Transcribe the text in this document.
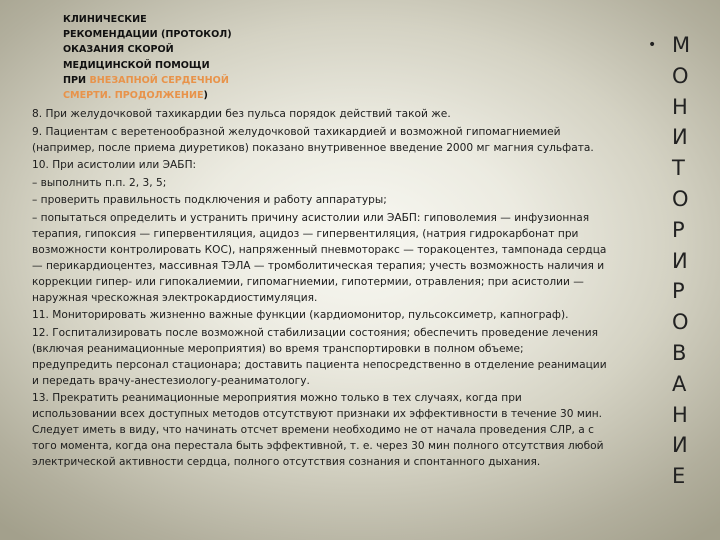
КЛИНИЧЕСКИЕ
РЕКОМЕНДАЦИИ (ПРОТОКОЛ)
ОКАЗАНИЯ СКОРОЙ
МЕДИЦИНСКОЙ ПОМОЩИ
ПРИ ВНЕЗАПНОЙ СЕРДЕЧНОЙ
СМЕРТИ. ПРОДОЛЖЕНИЕ)

8. При желудочковой тахикардии без пульса порядок действий такой же.

9. Пациентам с веретенообразной желудочковой тахикардией и возможной гипомагниемией (например, после приема диуретиков) показано внутривенное введение 2000 мг магния сульфата.

10. При асистолии или ЭАБП:

– выполнить п.п. 2, 3, 5;

– проверить правильность подключения и работу аппаратуры;

– попытаться определить и устранить причину асистолии или ЭАБП: гиповолемия — инфузионная терапия, гипоксия — гипервентиляция, ацидоз — гипервентиляция, (натрия гидрокарбонат при возможности контролировать КОС), напряженный пневмоторакс — торакоцентез, тампонада сердца — перикардиоцентез, массивная ТЭЛА — тромболитическая терапия; учесть возможность наличия и коррекции гипер- или гипокалиемии, гипомагниемии, гипотермии, отравления; при асистолии — наружная чрескожная электрокардиостимуляция.

11. Мониторировать жизненно важные функции (кардиомонитор, пульсоксиметр, капнограф).

12. Госпитализировать после возможной стабилизации состояния; обеспечить проведение лечения (включая реанимационные мероприятия) во время транспортировки в полном объеме; предупредить персонал стационара; доставить пациента непосредственно в отделение реанимации и передать врачу-анестезиологу-реаниматологу.

13. Прекратить реанимационные мероприятия можно только в тех случаях, когда при использовании всех доступных методов отсутствуют признаки их эффективности в течение 30 мин. Следует иметь в виду, что начинать отсчет времени необходимо не от начала проведения СЛР, а с того момента, когда она перестала быть эффективной, т. е. через 30 мин полного отсутствия любой электрической активности сердца, полного отсутствия сознания и спонтанного дыхания.

• М
О
Н
И
Т
О
Р
И
Р
О
В
А
Н
И
Е
